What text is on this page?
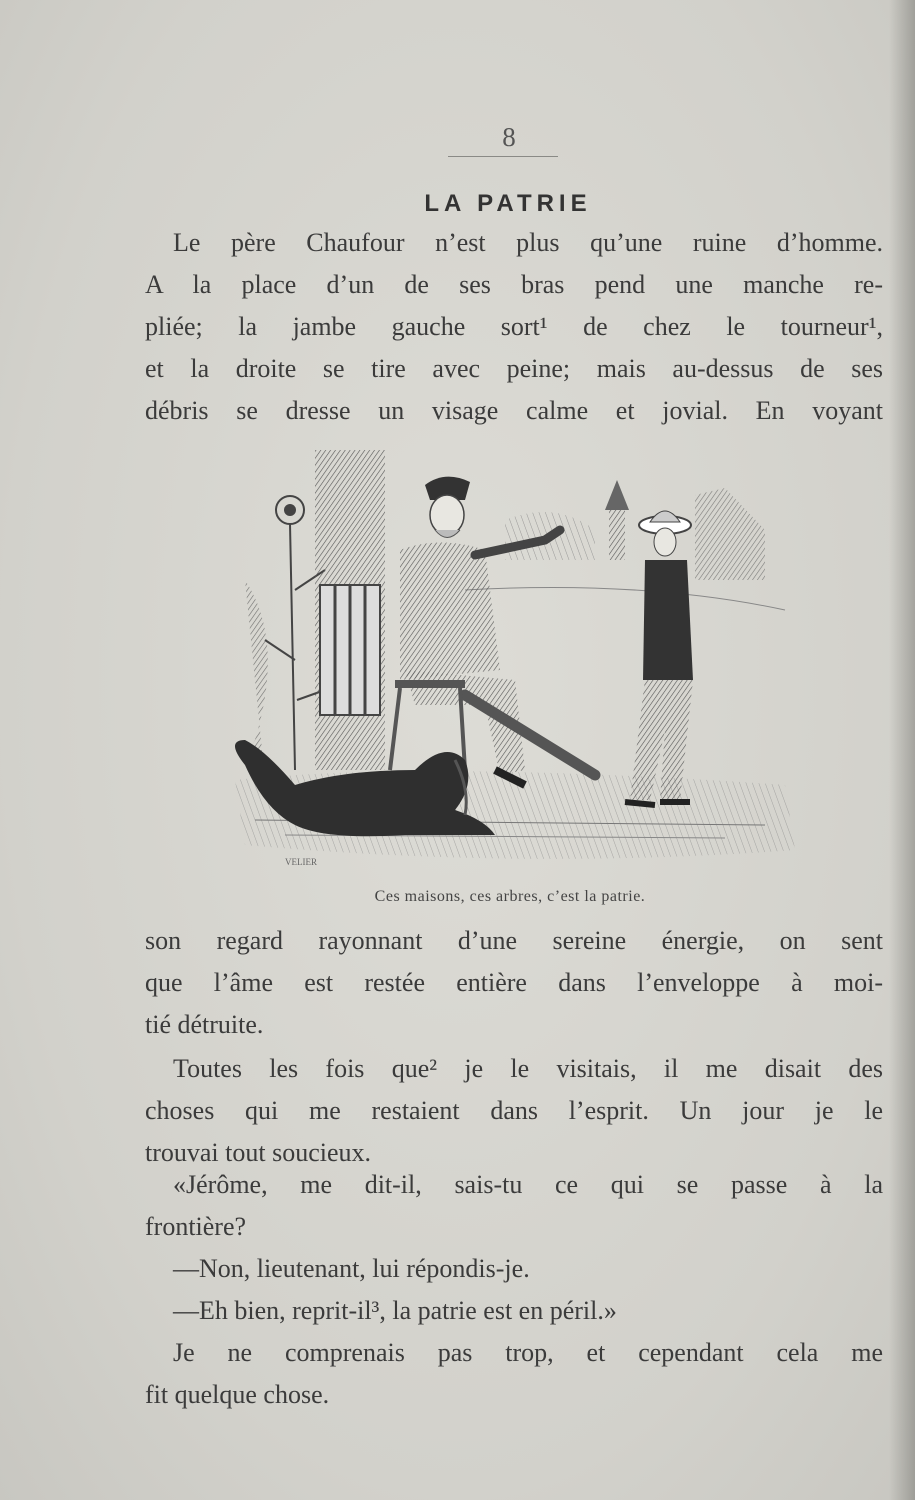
8
LA PATRIE
Le père Chaufour n’est plus qu’une ruine d’homme.
A la place d’un de ses bras pend une manche re-
pliée; la jambe gauche sort¹ de chez le tourneur¹,
et la droite se tire avec peine; mais au-dessus de ses
débris se dresse un visage calme et jovial. En voyant
VELIER
Ces maisons, ces arbres, c’est la patrie.
son regard rayonnant d’une sereine énergie, on sent
que l’âme est restée entière dans l’enveloppe à moi-
tié détruite.
Toutes les fois que² je le visitais, il me disait des
choses qui me restaient dans l’esprit. Un jour je le
trouvai tout soucieux.
«Jérôme, me dit-il, sais-tu ce qui se passe à la
frontière?
—Non, lieutenant, lui répondis-je.
—Eh bien, reprit-il³, la patrie est en péril.»
Je ne comprenais pas trop, et cependant cela me
fit quelque chose.
